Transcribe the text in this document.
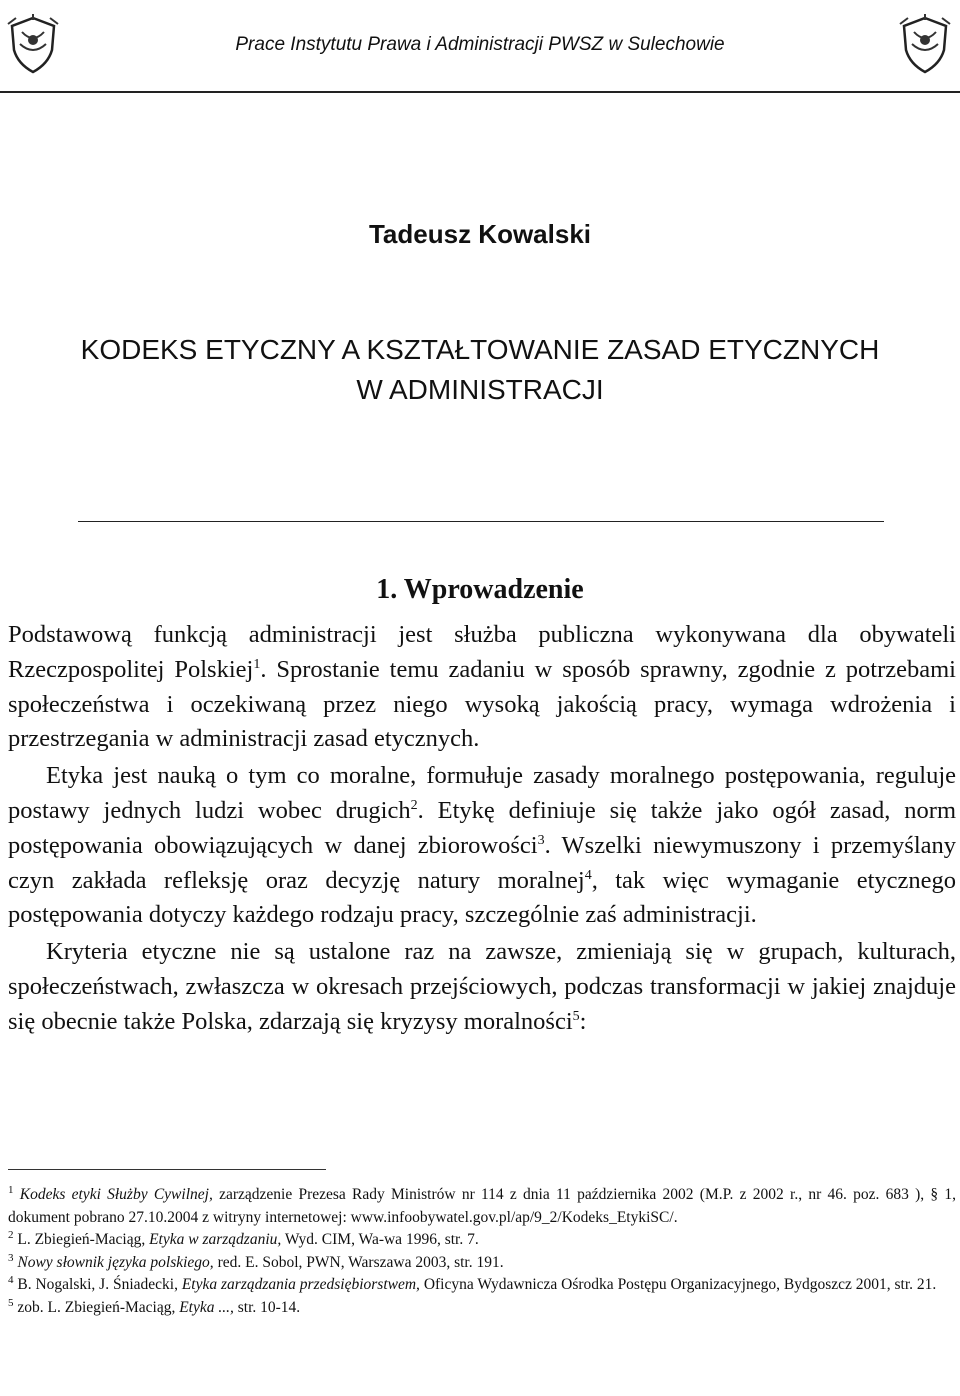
Prace Instytutu Prawa i Administracji PWSZ w Sulechowie
Tadeusz Kowalski
KODEKS ETYCZNY A KSZTAŁTOWANIE ZASAD ETYCZNYCH
W ADMINISTRACJI
1. Wprowadzenie

Podstawową funkcją administracji jest służba publiczna wykonywana dla obywateli Rzeczpospolitej Polskiej$^1$. Sprostanie temu zadaniu w sposób sprawny, zgodnie z potrzebami społeczeństwa i oczekiwaną przez niego wysoką jakością pracy, wymaga wdrożenia i przestrzegania w administracji zasad etycznych.

Etyka jest nauką o tym co moralne, formułuje zasady moralnego postępowania, reguluje postawy jednych ludzi wobec drugich$^2$. Etykę definiuje się także jako ogół zasad, norm postępowania obowiązujących w danej zbiorowości$^3$. Wszelki niewymuszony i przemyślany czyn zakłada refleksję oraz decyzję natury moralnej$^4$, tak więc wymaganie etycznego postępowania dotyczy każdego rodzaju pracy, szczególnie zaś administracji.

Kryteria etyczne nie są ustalone raz na zawsze, zmieniają się w grupach, kulturach, społeczeństwach, zwłaszcza w okresach przejściowych, podczas transformacji w jakiej znajduje się obecnie także Polska, zdarzają się kryzysy moralności$^5$:

$^1$ Kodeks etyki Służby Cywilnej, zarządzenie Prezesa Rady Ministrów nr 114 z dnia 11 października 2002 (M.P. z 2002 r., nr 46. poz. 683 ), § 1, dokument pobrano 27.10.2004 z witryny internetowej: www.infoobywatel.gov.pl/ap/9_2/Kodeks_EtykiSC/.
$^2$ L. Zbiegień-Maciąg, Etyka w zarządzaniu, Wyd. CIM, Wa-wa 1996, str. 7.
$^3$ Nowy słownik języka polskiego, red. E. Sobol, PWN, Warszawa 2003, str. 191.
$^4$ B. Nogalski, J. Śniadecki, Etyka zarządzania przedsiębiorstwem, Oficyna Wydawnicza Ośrodka Postępu Organizacyjnego, Bydgoszcz 2001, str. 21.
$^5$ zob. L. Zbiegień-Maciąg, Etyka ..., str. 10-14.
